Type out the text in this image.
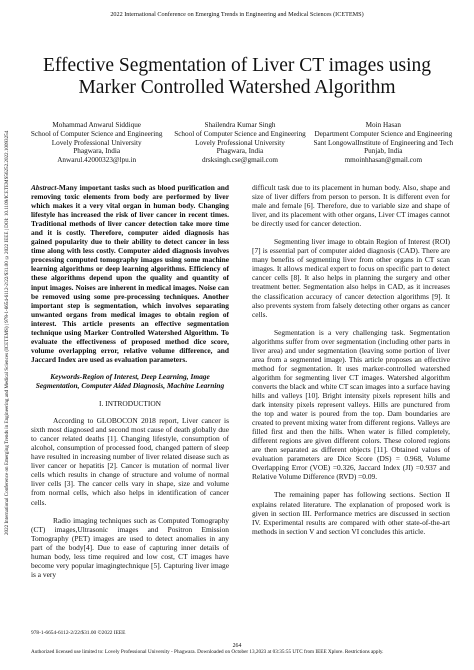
2022 International Conference on Emerging Trends in Engineering and Medical Sciences (ICETEMS)
2022 International Conference on Emerging Trends in Engineering and Medical Sciences (ICETEMS) | 978-1-6654-6112-2/22/$31.00 ©2022 IEEE | DOI: 10.1109/ICETEMS56252.2022.10093254
Effective Segmentation of Liver CT images using
Marker Controlled Watershed Algorithm
Mohammad Anwarul Siddique
School of Computer Science and Engineering
Lovely Professional University
Phagwara, India
Anwarul.42000323@lpu.in
Shailendra Kumar Singh
School of Computer Science and Engineering
Lovely Professional University
Phagwara, India
drsksingh.cse@gmail.com
Moin Hasan
Department Computer Science and Engineering
Sant LongowalInstitute of Engineering and Tech
Punjab, India
mmoinhhasan@gmail.com

Abstract-Many important tasks such as blood purification and removing toxic elements from body are performed by liver which makes it a very vital organ in human body. Changing lifestyle has increased the risk of liver cancer in recent times. Traditional methods of liver cancer detection take more time and it is costly. Therefore, computer aided diagnosis has gained popularity due to their ability to detect cancer in less time along with less costly. Computer aided diagnosis involves processing computed tomography images using some machine learning algorithms or deep learning algorithms. Efficiency of these algorithms depend upon the quality and quantity of input images. Noises are inherent in medical images. Noise can be removed using some pre-processing techniques. Another important step is segmentation, which involves separating unwanted organs from medical images to obtain region of interest. This article presents an effective segmentation technique using Marker Controlled Watershed Algorithm. To evaluate the effectiveness of proposed method dice score, volume overlapping error, relative volume difference, and Jaccard Index are used as evaluation parameters.

Keywords-Region of Interest, Deep Learning, Image Segmentation, Computer Aided Diagnosis, Machine Learning

I. INTRODUCTION

According to GLOBOCON 2018 report, Liver cancer is sixth most diagnosed and second most cause of death globally due to cancer related deaths [1]. Changing lifestyle, consumption of alcohol, consumption of processed food, changed pattern of sleep have resulted in increasing number of liver related disease such as liver cancer or hepatitis [2]. Cancer is mutation of normal liver cells which results in change of structure and volume of normal liver cells [3]. The cancer cells vary in shape, size and volume from normal cells, which also helps in identification of cancer cells.

Radio imaging techniques such as Computed Tomography (CT) images,Ultrasonic images and Positron Emission Tomography (PET) images are used to detect anomalies in any part of the body[4]. Due to ease of capturing inner details of human body, less time required and low cost, CT images have become very popular imagingtechnique [5]. Capturing liver image is a very

difficult task due to its placement in human body. Also, shape and size of liver differs from person to person. It is different even for male and female [6]. Therefore, due to variable size and shape of liver, and its placement with other organs, Liver CT images cannot be directly used for cancer detection.

Segmenting liver image to obtain Region of Interest (ROI) [7] is essential part of computer aided diagnosis (CAD). There are many benefits of segmenting liver from other organs in CT scan images. It allows medical expert to focus on specific part to detect cancer cells [8]. It also helps in planning the surgery and other treatment better. Segmentation also helps in CAD, as it increases the classification accuracy of cancer detection algorithms [9]. It also prevents system from falsely detecting other organs as cancer cells.

Segmentation is a very challenging task. Segmentation algorithms suffer from over segmentation (including other parts in liver area) and under segmentation (leaving some portion of liver area from a segmented image). This article proposes an effective method for segmentation. It uses marker-controlled watershed algorithm for segmenting liver CT images. Watershed algorithm converts the black and white CT scan images into a surface having hills and valleys [10]. Bright intensity pixels represent hills and dark intensity pixels represent valleys. Hills are punctured from the top and water is poured from the top. Dam boundaries are created to prevent mixing water from different regions. Valleys are filled first and then the hills. When water is filled completely, different regions are given different colors. These colored regions are then separated as different objects [11]. Obtained values of evaluation parameters are Dice Score (DS) = 0.968, Volume Overlapping Error (VOE) =0.326, Jaccard Index (JI) =0.937 and Relative Volume Difference (RVD) =0.09.

The remaining paper has following sections. Section II explains related literature. The explanation of proposed work is given in section III. Performance metrics are discussed in section IV. Experimental results are compared with other state-of-the-art methods in section V and section VI concludes this article.

978-1-6654-6112-2/22/$31.00 ©2022 IEEE
264
Authorized licensed use limited to: Lovely Professional University - Phagwara. Downloaded on October 13,2023 at 03:35:55 UTC from IEEE Xplore. Restrictions apply.
